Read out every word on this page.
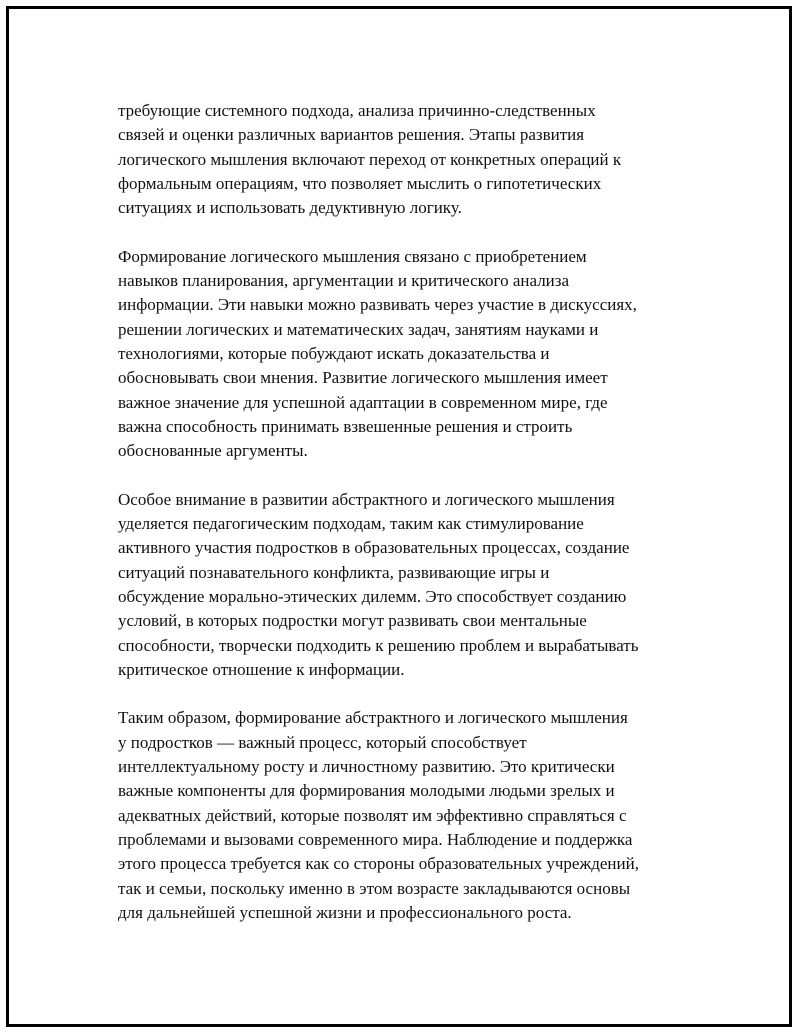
требующие системного подхода, анализа причинно-следственных
связей и оценки различных вариантов решения. Этапы развития
логического мышления включают переход от конкретных операций к
формальным операциям, что позволяет мыслить о гипотетических
ситуациях и использовать дедуктивную логику.

Формирование логического мышления связано с приобретением
навыков планирования, аргументации и критического анализа
информации. Эти навыки можно развивать через участие в дискуссиях,
решении логических и математических задач, занятиям науками и
технологиями, которые побуждают искать доказательства и
обосновывать свои мнения. Развитие логического мышления имеет
важное значение для успешной адаптации в современном мире, где
важна способность принимать взвешенные решения и строить
обоснованные аргументы.

Особое внимание в развитии абстрактного и логического мышления
уделяется педагогическим подходам, таким как стимулирование
активного участия подростков в образовательных процессах, создание
ситуаций познавательного конфликта, развивающие игры и
обсуждение морально-этических дилемм. Это способствует созданию
условий, в которых подростки могут развивать свои ментальные
способности, творчески подходить к решению проблем и вырабатывать
критическое отношение к информации.

Таким образом, формирование абстрактного и логического мышления
у подростков — важный процесс, который способствует
интеллектуальному росту и личностному развитию. Это критически
важные компоненты для формирования молодыми людьми зрелых и
адекватных действий, которые позволят им эффективно справляться с
проблемами и вызовами современного мира. Наблюдение и поддержка
этого процесса требуется как со стороны образовательных учреждений,
так и семьи, поскольку именно в этом возрасте закладываются основы
для дальнейшей успешной жизни и профессионального роста.
